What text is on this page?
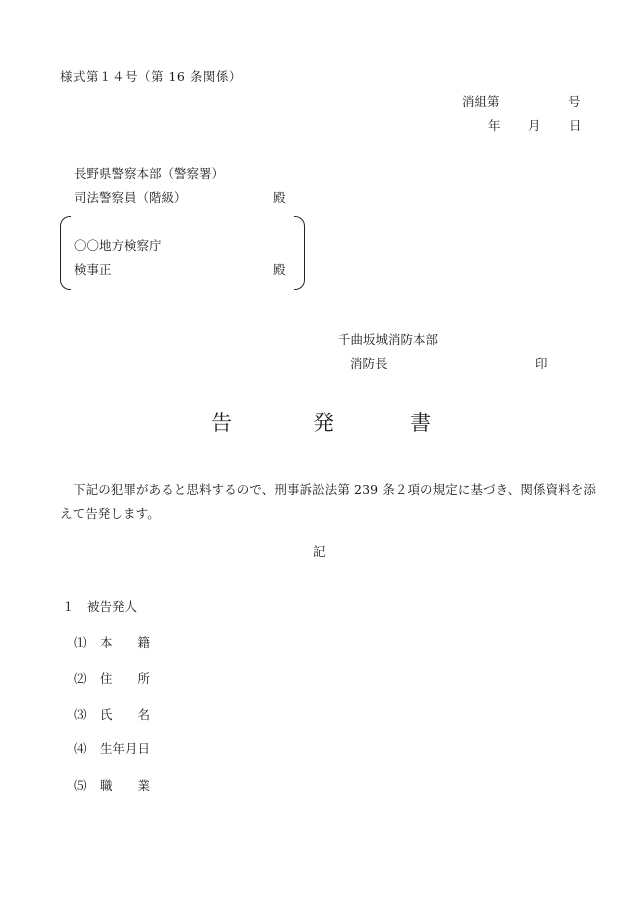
様式第１４号（第 16 条関係）
消組第	号
年 月 日
長野県警察本部（警察署）
司法警察員（階級）	殿
〇〇地方検察庁
検事正	殿
千曲坂城消防本部
消防長	印
告	発	書
下記の犯罪があると思料するので、刑事訴訟法第 239 条２項の規定に基づき、関係資料を添えて告発します。
記
１　被告発人
⑴ 本　　籍
⑵ 住　　所
⑶ 氏　　名
⑷ 生年月日
⑸ 職　　業
